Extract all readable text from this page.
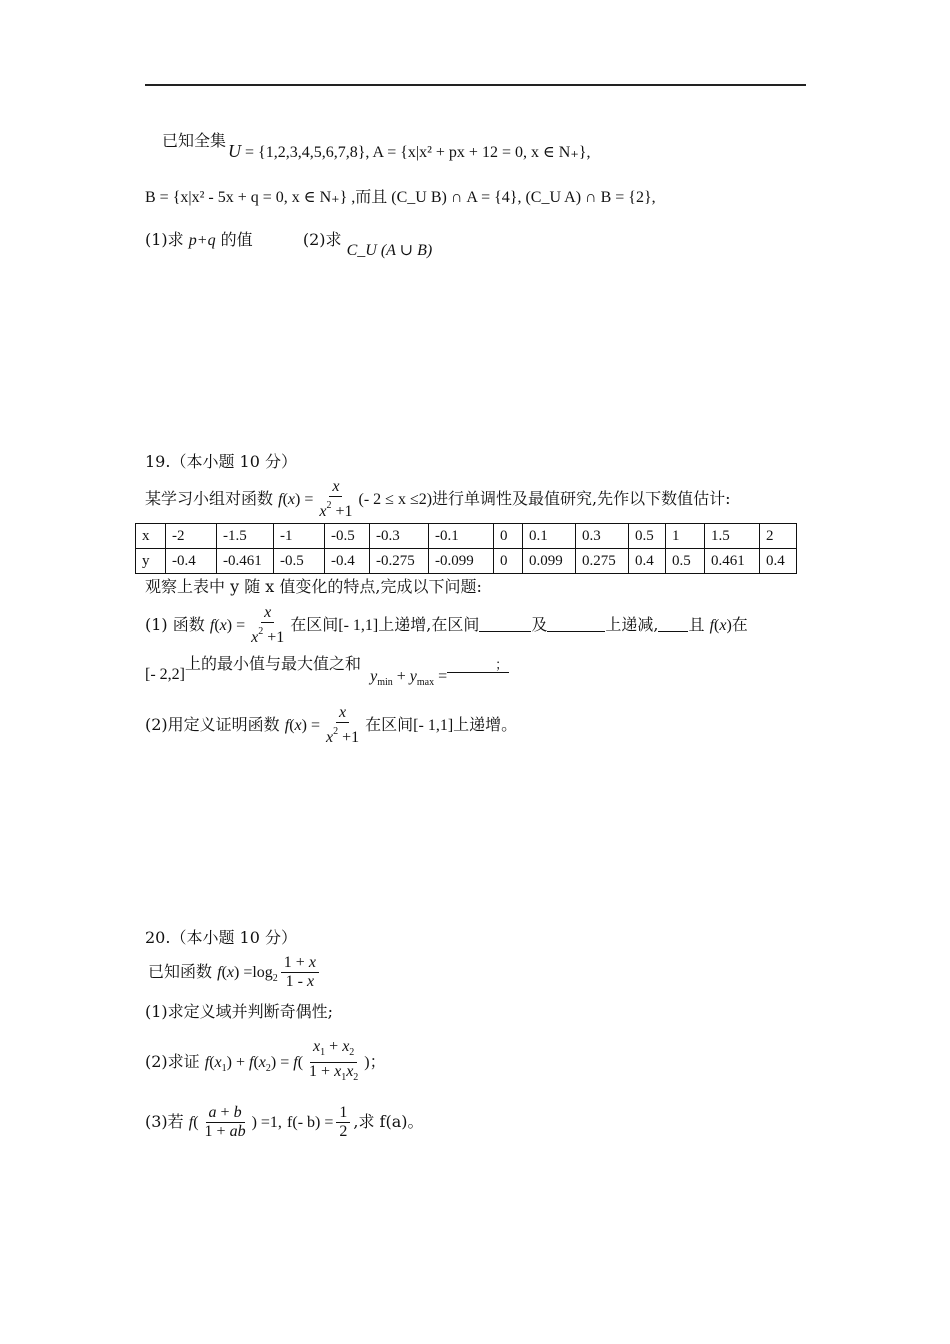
已知全集
U = {1,2,3,4,5,6,7,8}, A = {x|x² + px + 12 = 0, x ∈ N₊},
B = {x|x² - 5x + q = 0, x ∈ N₊} ,而且 (C_U B) ∩ A = {4}, (C_U A) ∩ B = {2},
(1)求 p+q 的值	(2)求 C_U (A ∪ B)
19.（本小题 10 分）
某学习小组对函数 $f(x) = \frac{x}{x^2 +1}$ (- 2 ≤ x ≤2)进行单调性及最值研究,先作以下数值估计:
x	-2	-1.5	-1	-0.5	-0.3	-0.1	0	0.1	0.3	0.5	1	1.5	2
y	-0.4	-0.461	-0.5	-0.4	-0.275	-0.099	0	0.099	0.275	0.4	0.5	0.461	0.4
观察上表中 y 随 x 值变化的特点,完成以下问题:
(1) 函数 $f(x) = \frac{x}{x^2 +1}$ 在区间[- 1,1]上递增,在区间	及	上递减, 且 f(x)在
[- 2,2]上的最小值与最大值之和 $y_{min} + y_{max}$ =；
(2)用定义证明函数 $f(x) = \frac{x}{x^2 +1}$ 在区间[- 1,1]上递增。
20.（本小题 10 分）
已知函数 $f(x) =\log_2 \frac{1 + x}{1 - x}$
(1)求定义域并判断奇偶性;
(2)求证 $f(x_1) + f(x_2) = f( \frac{x_1 + x_2}{1 + x_1x_2}$ )；
(3)若 $f( \frac{a + b}{1 + ab}$ ) =1, f(- $b) = \frac{1}{2}$ ,求 f(a)。
